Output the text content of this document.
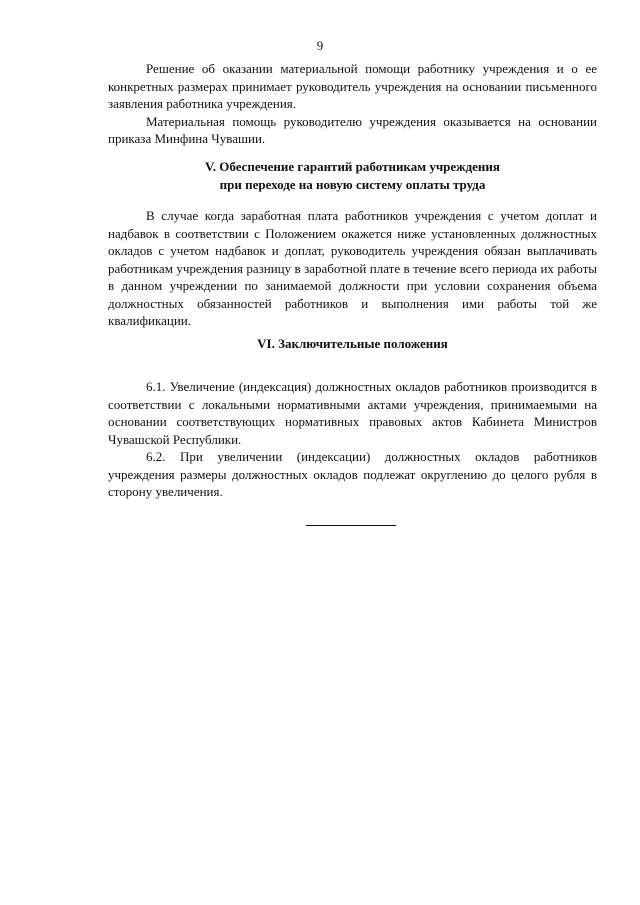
9

Решение об оказании материальной помощи работнику учреждения и о ее конкретных размерах принимает руководитель учреждения на основании письменного заявления работника учреждения.

Материальная помощь руководителю учреждения оказывается на основании приказа Минфина Чувашии.

V. Обеспечение гарантий работникам учреждения
при переходе на новую систему оплаты труда

В случае когда заработная плата работников учреждения с учетом доплат и надбавок в соответствии с Положением окажется ниже установленных должностных окладов с учетом надбавок и доплат, руководитель учреждения обязан выплачивать работникам учреждения разницу в заработной плате в течение всего периода их работы в данном учреждении по занимаемой должности при условии сохранения объема должностных обязанностей работников и выполнения ими работы той же квалификации.

VI. Заключительные положения

6.1. Увеличение (индексация) должностных окладов работников производится в соответствии с локальными нормативными актами учреждения, принимаемыми на основании соответствующих нормативных правовых актов Кабинета Министров Чувашской Республики.

6.2. При увеличении (индексации) должностных окладов работников учреждения размеры должностных окладов подлежат округлению до целого рубля в сторону увеличения.
